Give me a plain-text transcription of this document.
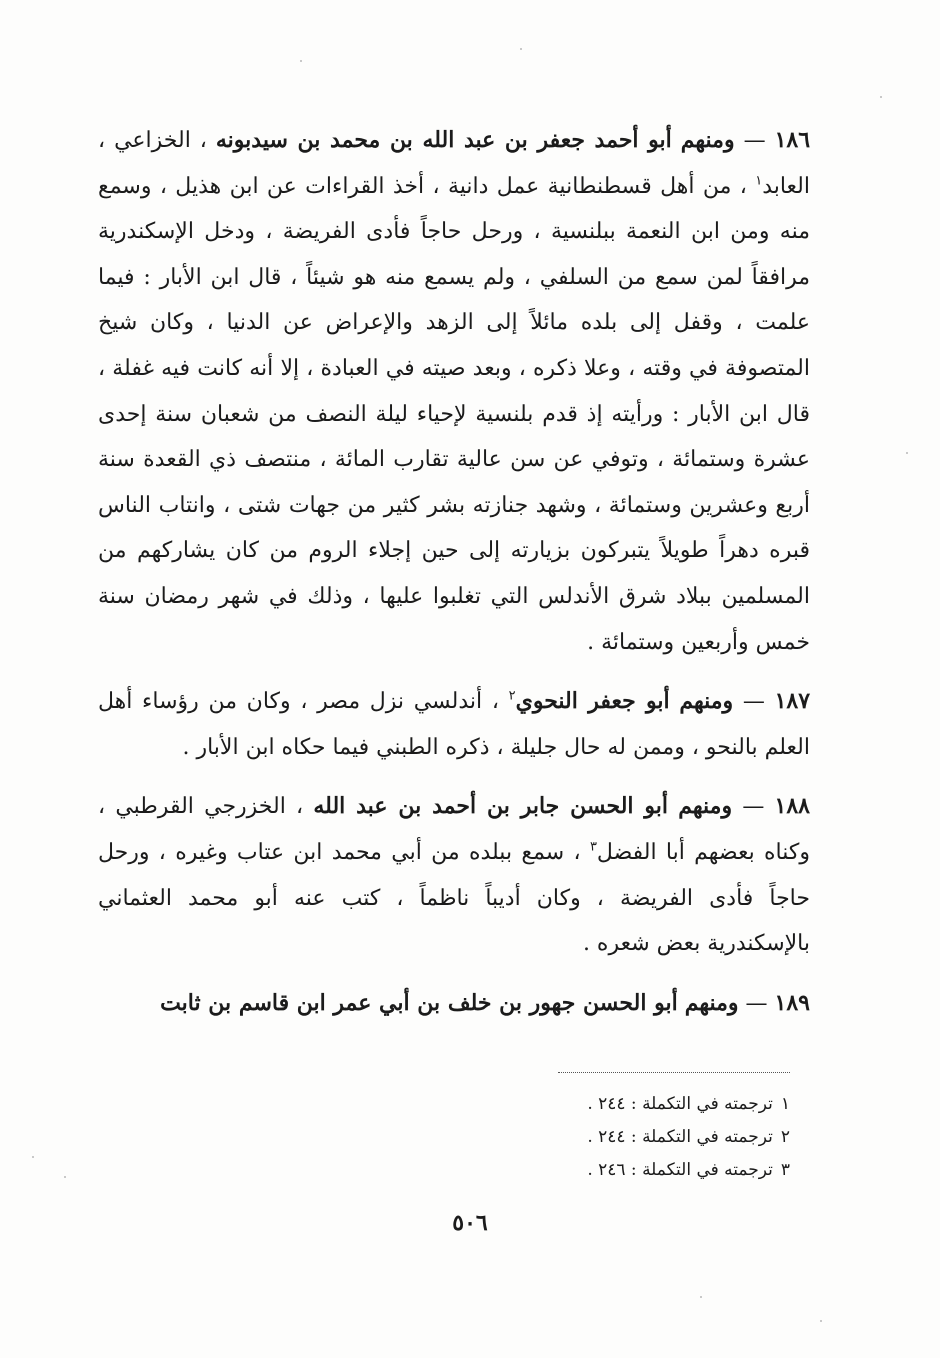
١٨٦ — ومنهم أبو أحمد جعفر بن عبد الله بن محمد بن سيدبونه ، الخزاعي ، العابد$^١$ ، من أهل قسطنطانية عمل دانية ، أخذ القراءات عن ابن هذيل ، وسمع منه ومن ابن النعمة ببلنسية ، ورحل حاجاً فأدى الفريضة ، ودخل الإسكندرية مرافقاً لمن سمع من السلفي ، ولم يسمع منه هو شيئاً ، قال ابن الأبار : فيما علمت ، وقفل إلى بلده مائلاً إلى الزهد والإعراض عن الدنيا ، وكان شيخ المتصوفة في وقته ، وعلا ذكره ، وبعد صيته في العبادة ، إلا أنه كانت فيه غفلة ، قال ابن الأبار : ورأيته إذ قدم بلنسية لإحياء ليلة النصف من شعبان سنة إحدى عشرة وستمائة ، وتوفي عن سن عالية تقارب المائة ، منتصف ذي القعدة سنة أربع وعشرين وستمائة ، وشهد جنازته بشر كثير من جهات شتى ، وانتاب الناس قبره دهراً طويلاً يتبركون بزيارته إلى حين إجلاء الروم من كان يشاركهم من المسلمين ببلاد شرق الأندلس التي تغلبوا عليها ، وذلك في شهر رمضان سنة خمس وأربعين وستمائة .

١٨٧ — ومنهم أبو جعفر النحوي$^٢$ ، أندلسي نزل مصر ، وكان من رؤساء أهل العلم بالنحو ، وممن له حال جليلة ، ذكره الطبني فيما حكاه ابن الأبار .

١٨٨ — ومنهم أبو الحسن جابر بن أحمد بن عبد الله ، الخزرجي القرطبي ، وكناه بعضهم أبا الفضل$^٣$ ، سمع ببلده من أبي محمد ابن عتاب وغيره ، ورحل حاجاً فأدى الفريضة ، وكان أديباً ناظماً ، كتب عنه أبو محمد العثماني بالإسكندرية بعض شعره .

١٨٩ — ومنهم أبو الحسن جهور بن خلف بن أبي عمر ابن قاسم بن ثابت

١ترجمته في التكملة : ٢٤٤ .

٢ترجمته في التكملة : ٢٤٤ .

٣ترجمته في التكملة : ٢٤٦ .

٥٠٦
